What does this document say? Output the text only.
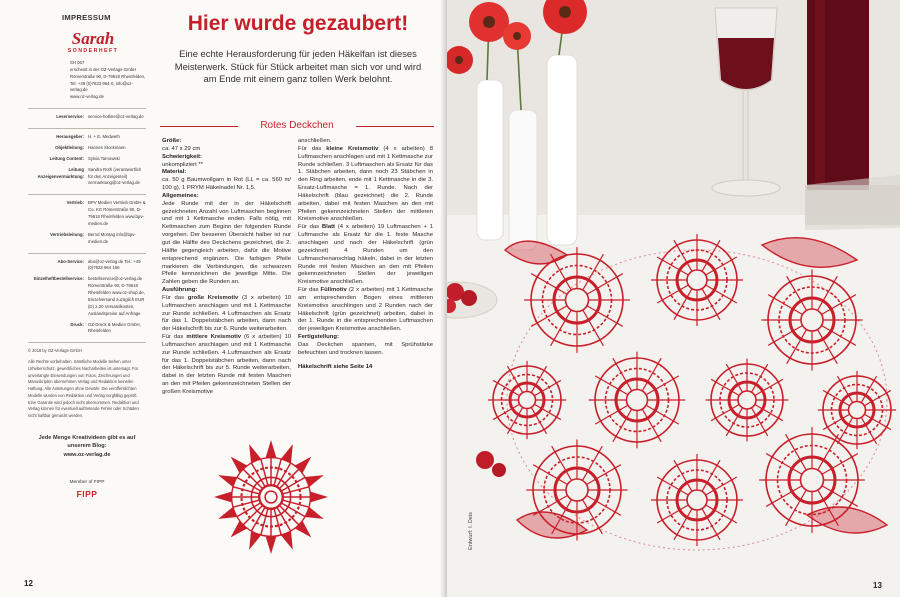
IMPRESSUM
Sarah
SONDERHEFT
SH 067
erscheint in der OZ-Verlags-GmbH
Römerstraße 90, D-79618 Rheinfelden,
Tel. +49 (0)7623 964-0, info@oz-verlag.de
www.oz-verlag.de
Leserservice: service-hotline@oz-verlag.de
Herausgeber: H. + E. Medweth
Objektleitung: Hannes Stockmann
Leitung Content: Sylvia Tarnowski
Leitung Anzeigenvermarktung:
Sandra Roth (verantwortlich für den Anzeigenteil) vermarktung@oz-verlag.de
Vertrieb: BPV Medien Vertrieb GmbH & Co. KG Römerstraße 90, D-79618 Rheinfelden www.bpv-medien.de
Vertriebsleitung: Bernd Montag info@bpv-medien.de
Abo-Service: abo@oz-verlag.de Tel.: +49 (0)7623 964 156
Einzelheftbestellservice: bestellservice@oz-verlag.de Römerstraße 90, D-79618 Rheinfelden www.oz-shop.de, Einzelversand zuzüglich EUR (D) 2,20 Versandkosten, Auslandspreise auf Anfrage
Druck: OZ-Druck & Medien GmbH, Rheinfelden
© 2018 by OZ-Verlags-GmbH
Alle Rechte vorbehalten. Sämtliche Modelle stehen unter Urheberschutz, gewerbliches Nacharbeiten ist untersagt. Für unverlangte Einsendungen von Fotos, Zeichnungen und Manuskripten übernehmen Verlag und Redaktion keinerlei Haftung. Alle Anleitungen ohne Gewähr. Die veröffentlichten Modelle wurden von Redaktion und Verlag sorgfältig geprüft. Eine Garantie wird jedoch nicht übernommen. Redaktion und Verlag können für eventuell auftretende Fehler oder Schäden nicht haftbar gemacht werden.
Jede Menge Kreativideen gibt es auf unserem Blog:
www.oz-verlag.de
Member of FIPP
FIPP
12
Hier wurde gezaubert!
Eine echte Herausforderung für jeden Häkelfan ist dieses Meisterwerk. Stück für Stück arbeitet man sich vor und wird am Ende mit einem ganz tollen Werk belohnt.
Rotes Deckchen

Größe:
ca. 47 x 29 cm

Schwierigkeit:
unkompliziert **

Material:
ca. 50 g Baumwollgarn in Rot (LL = ca. 560 m/ 100 g), 1 PRYM Häkelnadel Nr. 1,5.

Allgemeines:
Jede Runde mit der in der Häkelschrift gezeichneten Anzahl von Luftmaschen beginnen und mit 1 Kettmasche enden. Falls nötig, mit Kettmaschen zum Beginn der folgenden Runde vorgehen. Der besseren Übersicht halber ist nur gut die Hälfte des Deckchens gezeichnet, die 2. Hälfte gegengleich arbeiten, dafür die Motive entsprechend ergänzen. Die farbigen Pfeile markieren die Verbindungen, die schwarzen Pfeile kennzeichnen die jeweilige Mitte. Die Zahlen geben die Runden an.

Ausführung:
Für das große Kreismotiv (3 x arbeiten) 10 Luftmaschen anschlagen und mit 1 Kettmasche zur Runde schließen. 4 Luftmaschen als Ersatz für das 1. Doppelstäbchen arbeiten, dann nach der Häkelschrift bis zur 6. Runde weiterarbeiten.

Für das mittlere Kreismotiv (6 x arbeiten) 10 Luftmaschen anschlagen und mit 1 Kettmasche zur Runde schließen. 4 Luftmaschen als Ersatz für das 1. Doppelstäbchen arbeiten, dann nach der Häkelschrift bis zur 5. Runde weiterarbeiten, dabei in der letzten Runde mit festen Maschen an den mit Pfeilen gekennzeichneten Stellen der großen Kreismotive

anschließen.

Für das kleine Kreismotiv (4 x arbeiten) 8 Luftmaschen anschlagen und mit 1 Kettmasche zur Runde schließen. 3 Luftmaschen als Ersatz für das 1. Stäbchen arbeiten, dann noch 23 Stäbchen in den Ring arbeiten, ende mit 1 Kettmasche in die 3. Ersatz-Luftmasche = 1. Runde. Nach der Häkelschrift (blau gezeichnet) die 2. Runde arbeiten, dabei mit festen Maschen an den mit Pfeilen gekennzeichneten Stellen der mittleren Kreismotive anschließen.

Für das Blatt (4 x arbeiten) 19 Luftmaschen + 1 Luftmasche als Ersatz für die 1. feste Masche anschlagen und nach der Häkelschrift (grün gezeichnet) 4 Runden um den Luftmaschenanschlag häkeln, dabei in der letzten Runde mit festen Maschen an den mit Pfeilen gekennzeichneten Stellen der jeweiligen Kreismotive anschließen.

Für das Füllmotiv (2 x arbeiten) mit 1 Kettmasche am entsprechenden Bogen eines mittleren Kreismotivs anschlingen und 2 Runden nach der Häkelschrift (grün gezeichnet) arbeiten, dabei in der 1. Runde in die entsprechenden Luftmaschen der jeweiligen Kreismotive anschließen.

Fertigstellung:
Das Deckchen spannen, mit Sprühstärke befeuchten und trocknen lassen.

Häkelschrift siehe Seite 14

13
Entwurf: I. Deis
